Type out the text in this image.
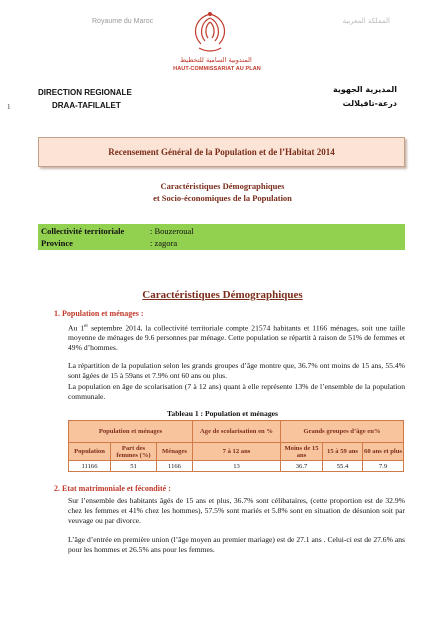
Royaume du Maroc	المملكة المغربية
المندوبية السامية للتخطيط
HAUT-COMMISSARIAT AU PLAN
DIRECTION REGIONALE
DRAA-TAFILALET
المديرية الجهوية
درعة-تافيلالت
1
Recensement Général de la Population et de l’Habitat 2014
Caractéristiques Démographiques
et Socio-économiques de la Population
Collectivité territoriale	: Bouzeroual
Province	: zagora
Caractéristiques Démographiques
1. Population et ménages :
Au 1er septembre 2014, la collectivité territoriale compte 21574 habitants et 1166 ménages, soit une taille moyenne de ménages de 9.6 personnes par ménage. Cette population se répartit à raison de 51% de femmes et 49% d’hommes.
La répartition de la population selon les grands groupes d’âge montre que, 36.7% ont moins de 15 ans, 55.4% sont âgées de 15 à 59ans et 7.9% ont 60 ans ou plus.
La population en âge de scolarisation (7 à 12 ans) quant à elle représente 13% de l’ensemble de la population communale.
Tableau 1 : Population et ménages
Population et ménages			Age de scolarisation en %	Grands groupes d’âge en%		
Population	Part des femmes (%)	Ménages	7 à 12 ans	Moins de 15 ans	15 à 59 ans	60 ans et plus
11166	51	1166	13	36.7	55.4	7.9
2. Etat matrimoniale et fécondité :
Sur l’ensemble des habitants âgés de 15 ans et plus, 36.7% sont célibataires, (cette proportion est de 32.9% chez les femmes et 41% chez les hommes), 57.5% sont mariés et 5.8% sont en situation de désunion soit par veuvage ou par divorce.
L’âge d’entrée en première union (l’âge moyen au premier mariage) est de 27.1 ans . Celui-ci est de 27.6% ans pour les hommes et 26.5% ans pour les femmes.
